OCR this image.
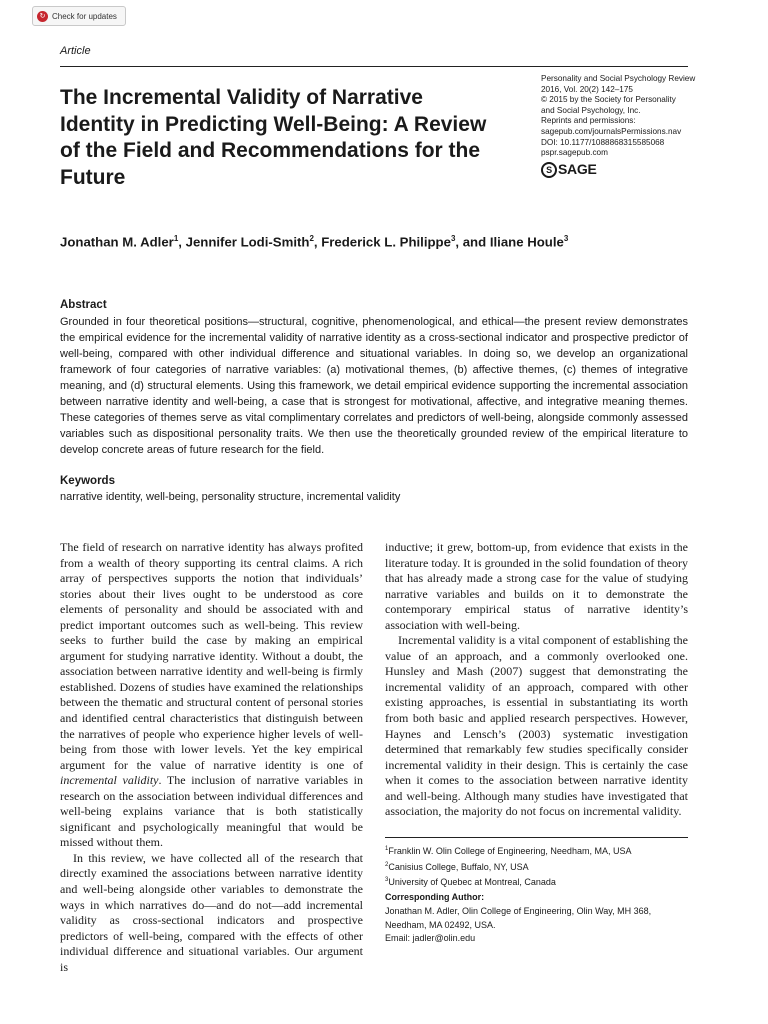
↻ Check for updates
Article
The Incremental Validity of Narrative Identity in Predicting Well-Being: A Review of the Field and Recommendations for the Future
Personality and Social Psychology Review
2016, Vol. 20(2) 142–175
© 2015 by the Society for Personality
and Social Psychology, Inc.
Reprints and permissions:
sagepub.com/journalsPermissions.nav
DOI: 10.1177/1088868315585068
pspr.sagepub.com
S SAGE
Jonathan M. Adler$^1$, Jennifer Lodi-Smith$^2$, Frederick L. Philippe$^3$, and Iliane Houle$^3$
Abstract

Grounded in four theoretical positions—structural, cognitive, phenomenological, and ethical—the present review demonstrates the empirical evidence for the incremental validity of narrative identity as a cross-sectional indicator and prospective predictor of well-being, compared with other individual difference and situational variables. In doing so, we develop an organizational framework of four categories of narrative variables: (a) motivational themes, (b) affective themes, (c) themes of integrative meaning, and (d) structural elements. Using this framework, we detail empirical evidence supporting the incremental association between narrative identity and well-being, a case that is strongest for motivational, affective, and integrative meaning themes. These categories of themes serve as vital complimentary correlates and predictors of well-being, alongside commonly assessed variables such as dispositional personality traits. We then use the theoretically grounded review of the empirical literature to develop concrete areas of future research for the field.

Keywords
narrative identity, well-being, personality structure, incremental validity

The field of research on narrative identity has always profited from a wealth of theory supporting its central claims. A rich array of perspectives supports the notion that individuals’ stories about their lives ought to be understood as core elements of personality and should be associated with and predict important outcomes such as well-being. This review seeks to further build the case by making an empirical argument for studying narrative identity. Without a doubt, the association between narrative identity and well-being is firmly established. Dozens of studies have examined the relationships between the thematic and structural content of personal stories and identified central characteristics that distinguish between the narratives of people who experience higher levels of well-being from those with lower levels. Yet the key empirical argument for the value of narrative identity is one of incremental validity. The inclusion of narrative variables in research on the association between individual differences and well-being explains variance that is both statistically significant and psychologically meaningful that would be missed without them.

In this review, we have collected all of the research that directly examined the associations between narrative identity and well-being alongside other variables to demonstrate the ways in which narratives do—and do not—add incremental validity as cross-sectional indicators and prospective predictors of well-being, compared with the effects of other individual difference and situational variables. Our argument is

inductive; it grew, bottom-up, from evidence that exists in the literature today. It is grounded in the solid foundation of theory that has already made a strong case for the value of studying narrative variables and builds on it to demonstrate the contemporary empirical status of narrative identity’s association with well-being.

Incremental validity is a vital component of establishing the value of an approach, and a commonly overlooked one. Hunsley and Mash (2007) suggest that demonstrating the incremental validity of an approach, compared with other existing approaches, is essential in substantiating its worth from both basic and applied research perspectives. However, Haynes and Lensch’s (2003) systematic investigation determined that remarkably few studies specifically consider incremental validity in their design. This is certainly the case when it comes to the association between narrative identity and well-being. Although many studies have investigated that association, the majority do not focus on incremental validity.

$^1$Franklin W. Olin College of Engineering, Needham, MA, USA
$^2$Canisius College, Buffalo, NY, USA
$^3$University of Quebec at Montreal, Canada
Corresponding Author:
Jonathan M. Adler, Olin College of Engineering, Olin Way, MH 368,
Needham, MA 02492, USA.
Email: jadler@olin.edu
